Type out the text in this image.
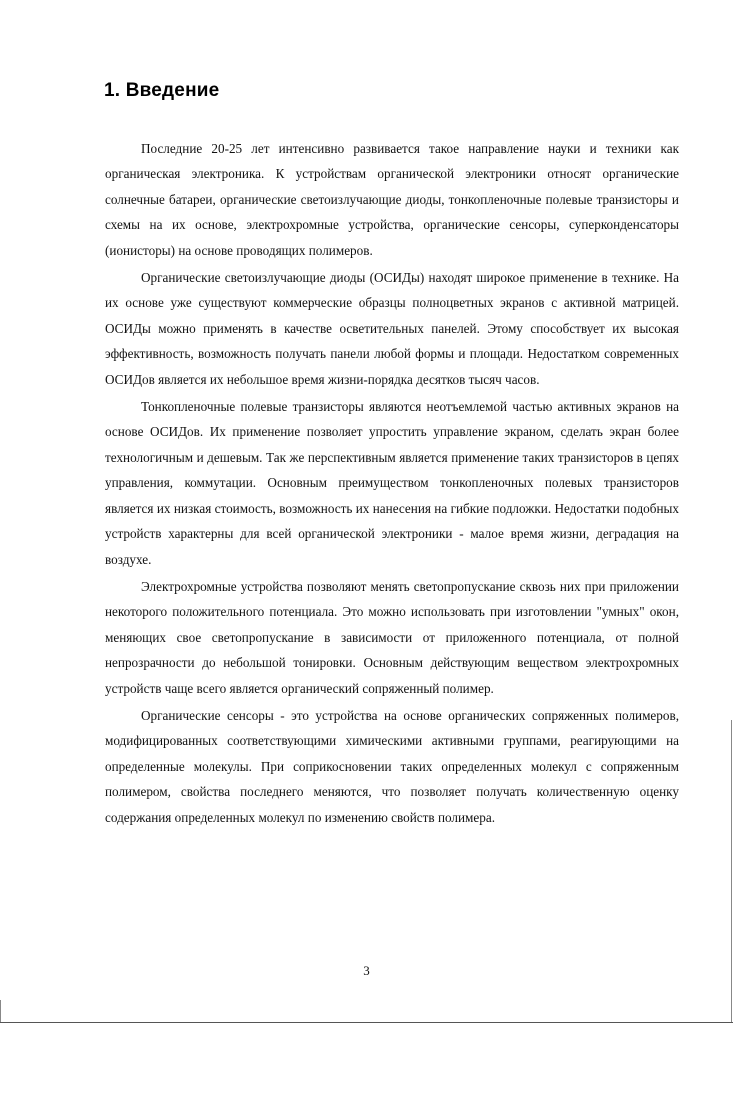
1. Введение

Последние 20-25 лет интенсивно развивается такое направление науки и техники как органическая электроника. К устройствам органической электроники относят органические солнечные батареи, органические светоизлучающие диоды, тонкопленочные полевые транзисторы и схемы на их основе, электрохромные устройства, органические сенсоры, суперконденсаторы (ионисторы) на основе проводящих полимеров.

Органические светоизлучающие диоды (ОСИДы) находят широкое применение в технике. На их основе уже существуют коммерческие образцы полноцветных экранов с активной матрицей. ОСИДы можно применять в качестве осветительных панелей. Этому способствует их высокая эффективность, возможность получать панели любой формы и площади. Недостатком современных ОСИДов является их небольшое время жизни-порядка десятков тысяч часов.

Тонкопленочные полевые транзисторы являются неотъемлемой частью активных экранов на основе ОСИДов. Их применение позволяет упростить управление экраном, сделать экран более технологичным и дешевым. Так же перспективным является применение таких транзисторов в цепях управления, коммутации. Основным преимуществом тонкопленочных полевых транзисторов является их низкая стоимость, возможность их нанесения на гибкие подложки. Недостатки подобных устройств характерны для всей органической электроники - малое время жизни, деградация на воздухе.

Электрохромные устройства позволяют менять светопропускание сквозь них при приложении некоторого положительного потенциала. Это можно использовать при изготовлении "умных" окон, меняющих свое светопропускание в зависимости от приложенного потенциала, от полной непрозрачности до небольшой тонировки. Основным действующим веществом электрохромных устройств чаще всего является органический сопряженный полимер.

Органические сенсоры - это устройства на основе органических сопряженных полимеров, модифицированных соответствующими химическими активными группами, реагирующими на определенные молекулы. При соприкосновении таких определенных молекул с сопряженным полимером, свойства последнего меняются, что позволяет получать количественную оценку содержания определенных молекул по изменению свойств полимера.

3
